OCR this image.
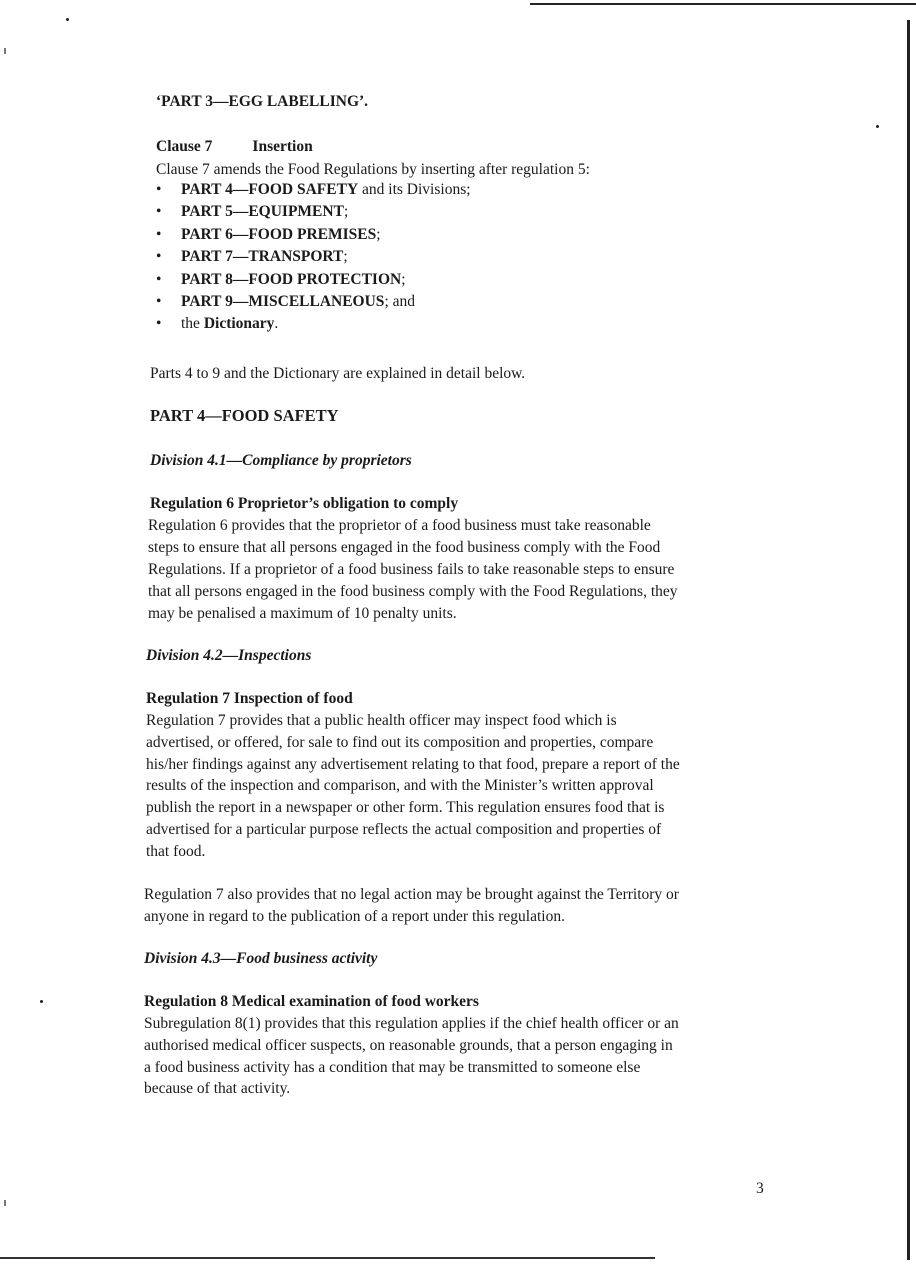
‘PART 3—EGG LABELLING’.
Clause 7	Insertion
Clause 7 amends the Food Regulations by inserting after regulation 5:
• PART 4—FOOD SAFETY and its Divisions;
• PART 5—EQUIPMENT;
• PART 6—FOOD PREMISES;
• PART 7—TRANSPORT;
• PART 8—FOOD PROTECTION;
• PART 9—MISCELLANEOUS; and
• the Dictionary.
Parts 4 to 9 and the Dictionary are explained in detail below.
PART 4—FOOD SAFETY
Division 4.1—Compliance by proprietors
Regulation 6 Proprietor’s obligation to comply
Regulation 6 provides that the proprietor of a food business must take reasonable
steps to ensure that all persons engaged in the food business comply with the Food
Regulations. If a proprietor of a food business fails to take reasonable steps to ensure
that all persons engaged in the food business comply with the Food Regulations, they
may be penalised a maximum of 10 penalty units.
Division 4.2—Inspections
Regulation 7 Inspection of food
Regulation 7 provides that a public health officer may inspect food which is
advertised, or offered, for sale to find out its composition and properties, compare
his/her findings against any advertisement relating to that food, prepare a report of the
results of the inspection and comparison, and with the Minister’s written approval
publish the report in a newspaper or other form. This regulation ensures food that is
advertised for a particular purpose reflects the actual composition and properties of
that food.
Regulation 7 also provides that no legal action may be brought against the Territory or
anyone in regard to the publication of a report under this regulation.
Division 4.3—Food business activity
Regulation 8 Medical examination of food workers
Subregulation 8(1) provides that this regulation applies if the chief health officer or an
authorised medical officer suspects, on reasonable grounds, that a person engaging in
a food business activity has a condition that may be transmitted to someone else
because of that activity.
3
